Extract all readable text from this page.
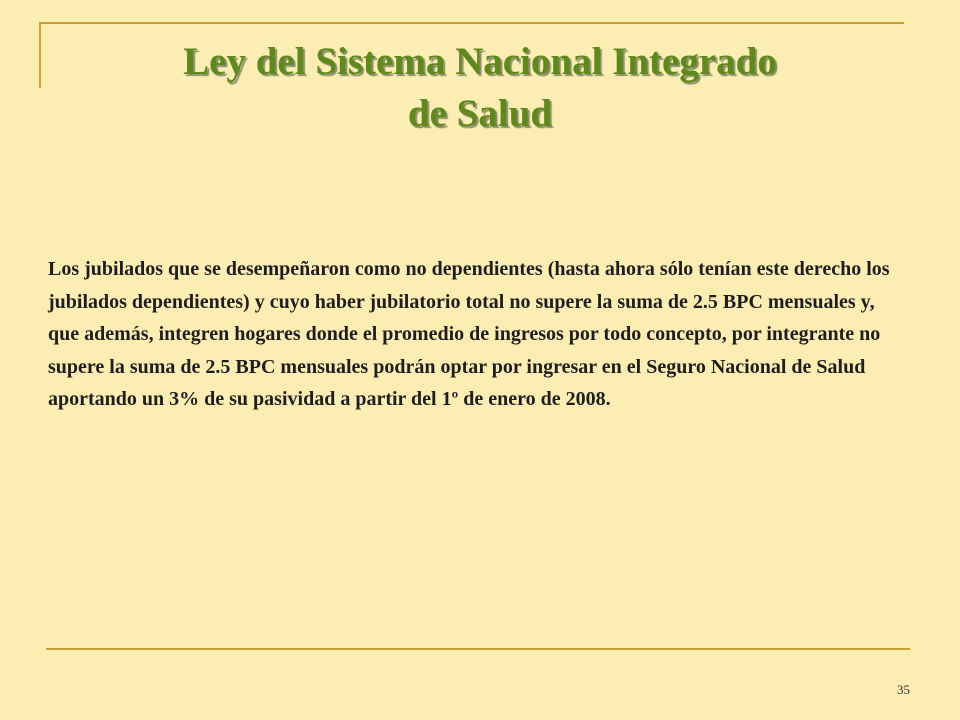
Ley del Sistema Nacional Integrado
de Salud

Los jubilados que se desempeñaron como no dependientes (hasta ahora sólo tenían este derecho los jubilados dependientes) y cuyo haber jubilatorio total no supere la suma de 2.5 BPC mensuales y, que además, integren hogares donde el promedio de ingresos por todo concepto, por integrante no supere la suma de 2.5 BPC mensuales podrán optar por ingresar en el Seguro Nacional de Salud aportando un 3% de su pasividad a partir del 1º de enero de 2008.

35
